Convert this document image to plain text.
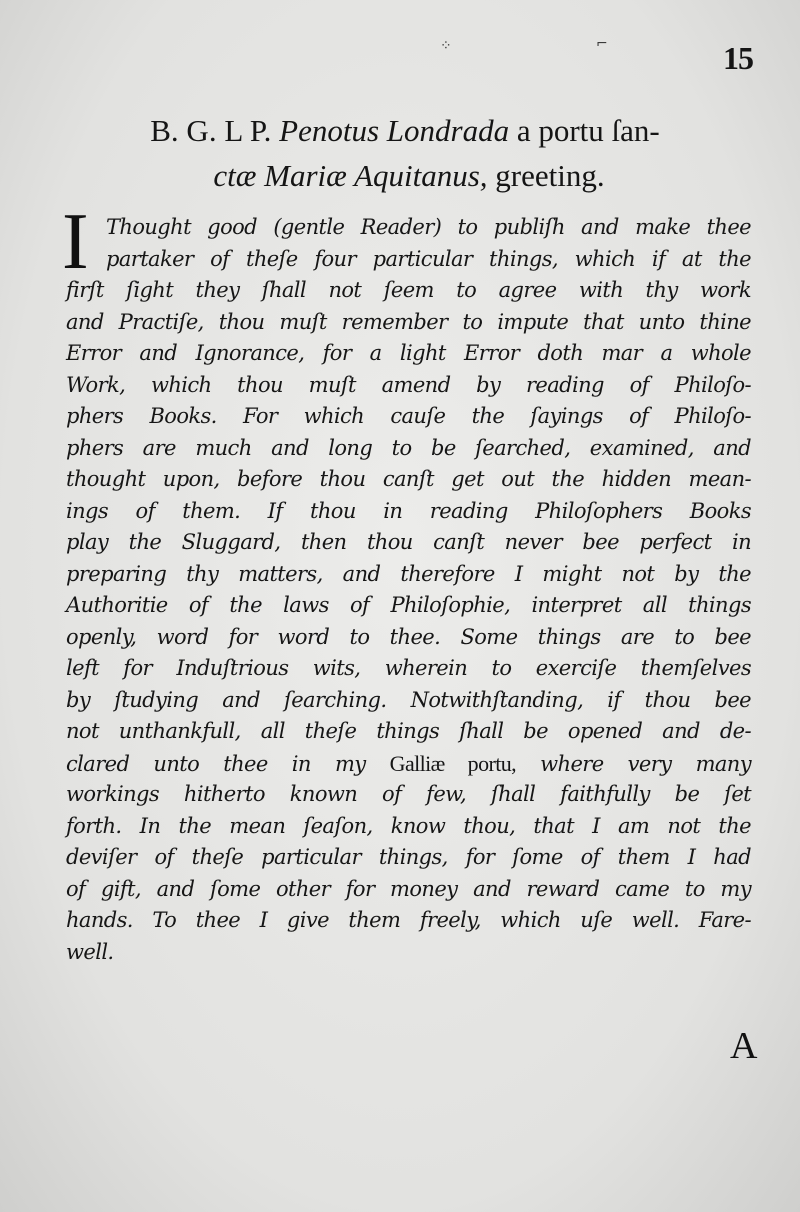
⁘	⌐	15
B. G. L P. Penotus Londrada a portu ſan-
ctæ Mariæ Aquitanus, greeting.
I Thought good (gentle Reader) to publiſh and make thee
partaker of theſe four particular things, which if at the
firſt ſight they ſhall not ſeem to agree with thy work
and Practiſe, thou muſt remember to impute that unto thine
Error and Ignorance, for a light Error doth mar a whole
Work, which thou muſt amend by reading of Philoſo-
phers Books. For which cauſe the ſayings of Philoſo-
phers are much and long to be ſearched, examined, and
thought upon, before thou canſt get out the hidden mean-
ings of them. If thou in reading Philoſophers Books
play the Sluggard, then thou canſt never bee perfect in
preparing thy matters, and therefore I might not by the
Authoritie of the laws of Philoſophie, interpret all things
openly, word for word to thee. Some things are to bee
left for Induſtrious wits, wherein to exerciſe themſelves
by ſtudying and ſearching. Notwithſtanding, if thou bee
not unthankfull, all theſe things ſhall be opened and de-
clared unto thee in my Galliæ portu, where very many
workings hitherto known of few, ſhall faithfully be ſet
forth. In the mean ſeaſon, know thou, that I am not the
deviſer of theſe particular things, for ſome of them I had
of gift, and ſome other for money and reward came to my
hands. To thee I give them freely, which uſe well. Fare-
well.
A
